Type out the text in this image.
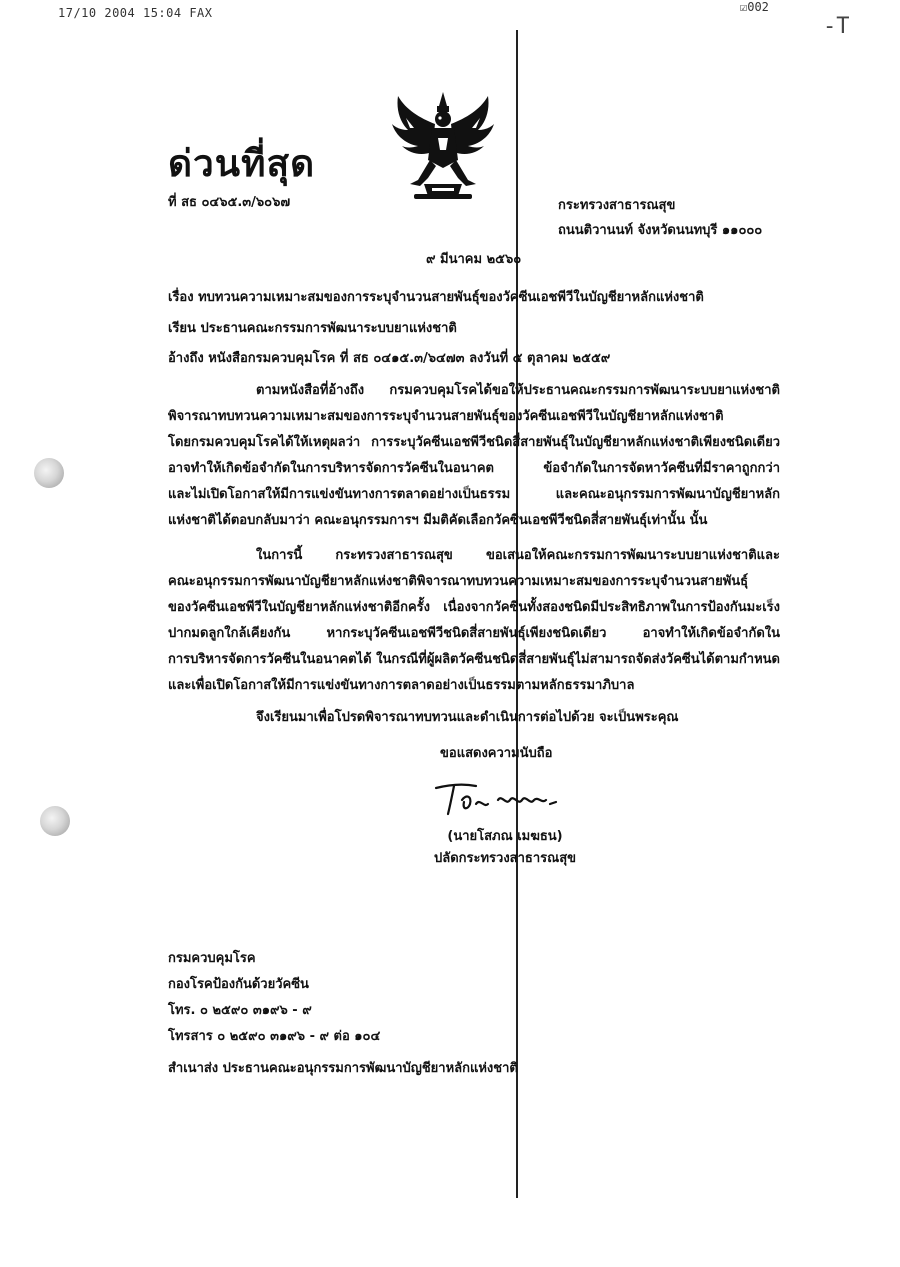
17/10 2004 15:04 FAX	☑002
-T
ด่วนที่สุด
ที่ สธ ๐๔๖๕.๓/๖๐๖๗	กระทรวงสาธารณสุข
ถนนติวานนท์ จังหวัดนนทบุรี ๑๑๐๐๐
๙ มีนาคม ๒๕๖๐
เรื่อง ทบทวนความเหมาะสมของการระบุจำนวนสายพันธุ์ของวัคซีนเอชพีวีในบัญชียาหลักแห่งชาติ
เรียน ประธานคณะกรรมการพัฒนาระบบยาแห่งชาติ
อ้างถึง หนังสือกรมควบคุมโรค ที่ สธ ๐๔๑๕.๓/๖๔๗๓ ลงวันที่ ๕ ตุลาคม ๒๕๕๙
ตามหนังสือที่อ้างถึง กรมควบคุมโรคได้ขอให้ประธานคณะกรรมการพัฒนาระบบยาแห่งชาติ
พิจารณาทบทวนความเหมาะสมของการระบุจำนวนสายพันธุ์ของวัคซีนเอชพีวีในบัญชียาหลักแห่งชาติ
โดยกรมควบคุมโรคได้ให้เหตุผลว่า การระบุวัคซีนเอชพีวีชนิดสี่สายพันธุ์ในบัญชียาหลักแห่งชาติเพียงชนิดเดียว
อาจทำให้เกิดข้อจำกัดในการบริหารจัดการวัคซีนในอนาคต ข้อจำกัดในการจัดหาวัคซีนที่มีราคาถูกกว่า
และไม่เปิดโอกาสให้มีการแข่งขันทางการตลาดอย่างเป็นธรรม และคณะอนุกรรมการพัฒนาบัญชียาหลัก
แห่งชาติได้ตอบกลับมาว่า คณะอนุกรรมการฯ มีมติคัดเลือกวัคซีนเอชพีวีชนิดสี่สายพันธุ์เท่านั้น นั้น
ในการนี้ กระทรวงสาธารณสุข ขอเสนอให้คณะกรรมการพัฒนาระบบยาแห่งชาติและ
คณะอนุกรรมการพัฒนาบัญชียาหลักแห่งชาติพิจารณาทบทวนความเหมาะสมของการระบุจำนวนสายพันธุ์
ของวัคซีนเอชพีวีในบัญชียาหลักแห่งชาติอีกครั้ง เนื่องจากวัคซีนทั้งสองชนิดมีประสิทธิภาพในการป้องกันมะเร็ง
ปากมดลูกใกล้เคียงกัน หากระบุวัคซีนเอชพีวีชนิดสี่สายพันธุ์เพียงชนิดเดียว อาจทำให้เกิดข้อจำกัดใน
การบริหารจัดการวัคซีนในอนาคตได้ ในกรณีที่ผู้ผลิตวัคซีนชนิดสี่สายพันธุ์ไม่สามารถจัดส่งวัคซีนได้ตามกำหนด
และเพื่อเปิดโอกาสให้มีการแข่งขันทางการตลาดอย่างเป็นธรรมตามหลักธรรมาภิบาล
จึงเรียนมาเพื่อโปรดพิจารณาทบทวนและดำเนินการต่อไปด้วย จะเป็นพระคุณ
ขอแสดงความนับถือ
(นายโสภณ เมฆธน)
ปลัดกระทรวงสาธารณสุข
กรมควบคุมโรค
กองโรคป้องกันด้วยวัคซีน
โทร. ๐ ๒๕๙๐ ๓๑๙๖ - ๙
โทรสาร ๐ ๒๕๙๐ ๓๑๙๖ - ๙ ต่อ ๑๐๔
สำเนาส่ง ประธานคณะอนุกรรมการพัฒนาบัญชียาหลักแห่งชาติ
